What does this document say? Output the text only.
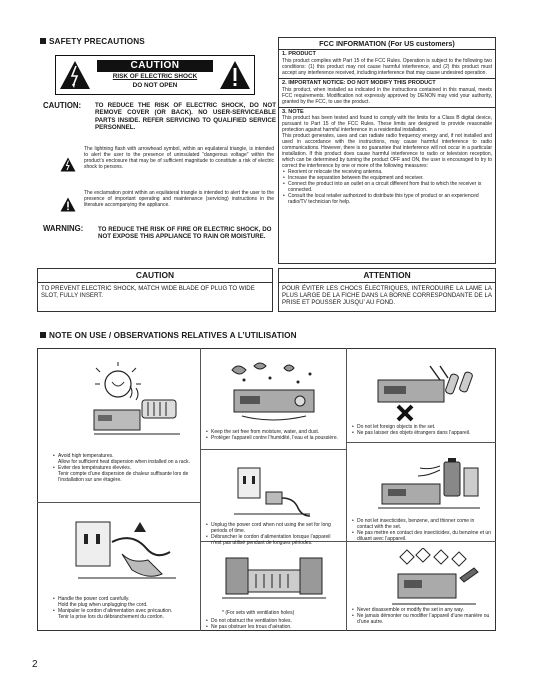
SAFETY PRECAUTIONS
CAUTION
RISK OF ELECTRIC SHOCK
DO NOT OPEN
CAUTION: TO REDUCE THE RISK OF ELECTRIC SHOCK, DO NOT REMOVE COVER (OR BACK). NO USER-SERVICEABLE PARTS INSIDE. REFER SERVICING TO QUALIFIED SERVICE PERSONNEL.
The lightning flash with arrowhead symbol, within an equilateral triangle, is intended to alert the user to the presence of uninsulated “dangerous voltage” within the product’s enclosure that may be of sufficient magnitude to constitute a risk of electric shock to persons.
The exclamation point within an equilateral triangle is intended to alert the user to the presence of important operating and maintenance (servicing) instructions in the literature accompanying the appliance.
WARNING: TO REDUCE THE RISK OF FIRE OR ELECTRIC SHOCK, DO NOT EXPOSE THIS APPLIANCE TO RAIN OR MOISTURE.
FCC INFORMATION (For US customers)
1. PRODUCT
This product complies with Part 15 of the FCC Rules. Operation is subject to the following two conditions: (1) this product may not cause harmful interference, and (2) this product must accept any interference received, including interference that may cause undesired operation.
2. IMPORTANT NOTICE: DO NOT MODIFY THIS PRODUCT
This product, when installed as indicated in the instructions contained in this manual, meets FCC requirements. Modification not expressly approved by DENON may void your authority, granted by the FCC, to use the product.
3. NOTE
This product has been tested and found to comply with the limits for a Class B digital device, pursuant to Part 15 of the FCC Rules. These limits are designed to provide reasonable protection against harmful interference in a residential installation.
This product generates, uses and can radiate radio frequency energy and, if not installed and used in accordance with the instructions, may cause harmful interference to radio communications. However, there is no guarantee that interference will not occur in a particular installation. If this product does cause harmful interference to radio or television reception, which can be determined by turning the product OFF and ON, the user is encouraged to try to correct the interference by one or more of the following measures:
• Reorient or relocate the receiving antenna.
• Increase the separation between the equipment and receiver.
• Connect the product into an outlet on a circuit different from that to which the receiver is connected.
• Consult the local retailer authorized to distribute this type of product or an experienced radio/TV technician for help.
CAUTION
TO PREVENT ELECTRIC SHOCK, MATCH WIDE BLADE OF PLUG TO WIDE SLOT, FULLY INSERT.
ATTENTION
POUR ÉVITER LES CHOCS ÉLECTRIQUES, INTERODUIRE LA LAME LA PLUS LARGE DE LA FICHE DANS LA BORNE CORRESPONDANTE DE LA PRISE ET POUSSER JUSQU’ AU FOND.
NOTE ON USE / OBSERVATIONS RELATIVES A L’UTILISATION
• Avoid high temperatures.
Allow for sufficient heat dispersion when installed on a rack.
• Eviter des températures élevées.
Tenir compte d’une dispersion de chaleur suffisante lors de l’installation sur une étagère.
• Handle the power cord carefully.
Hold the plug when unplugging the cord.
• Manipuler le cordon d’alimentation avec précaution.
Tenir la prise lors du débranchement du cordon.
• Keep the set free from moisture, water, and dust.
• Protéger l’appareil contre l’humidité, l’eau et la poussière.
• Unplug the power cord when not using the set for long periods of time.
• Débrancher le cordon d’alimentation lorsque l’appareil n’est pas utilisé pendant de longues périodes.
* (For sets with ventilation holes)
• Do not obstruct the ventilation holes.
• Ne pas obstruer les trous d’aération.
• Do not let foreign objects in the set.
• Ne pas laisser des objets étrangers dans l’appareil.
• Do not let insecticides, benzene, and thinner come in contact with the set.
• Ne pas mettre en contact des insecticides, du benzène et un diluant avec l’appareil.
• Never disassemble or modify the set in any way.
• Ne jamais démonter ou modifier l’appareil d’une manière ou d’une autre.
2
